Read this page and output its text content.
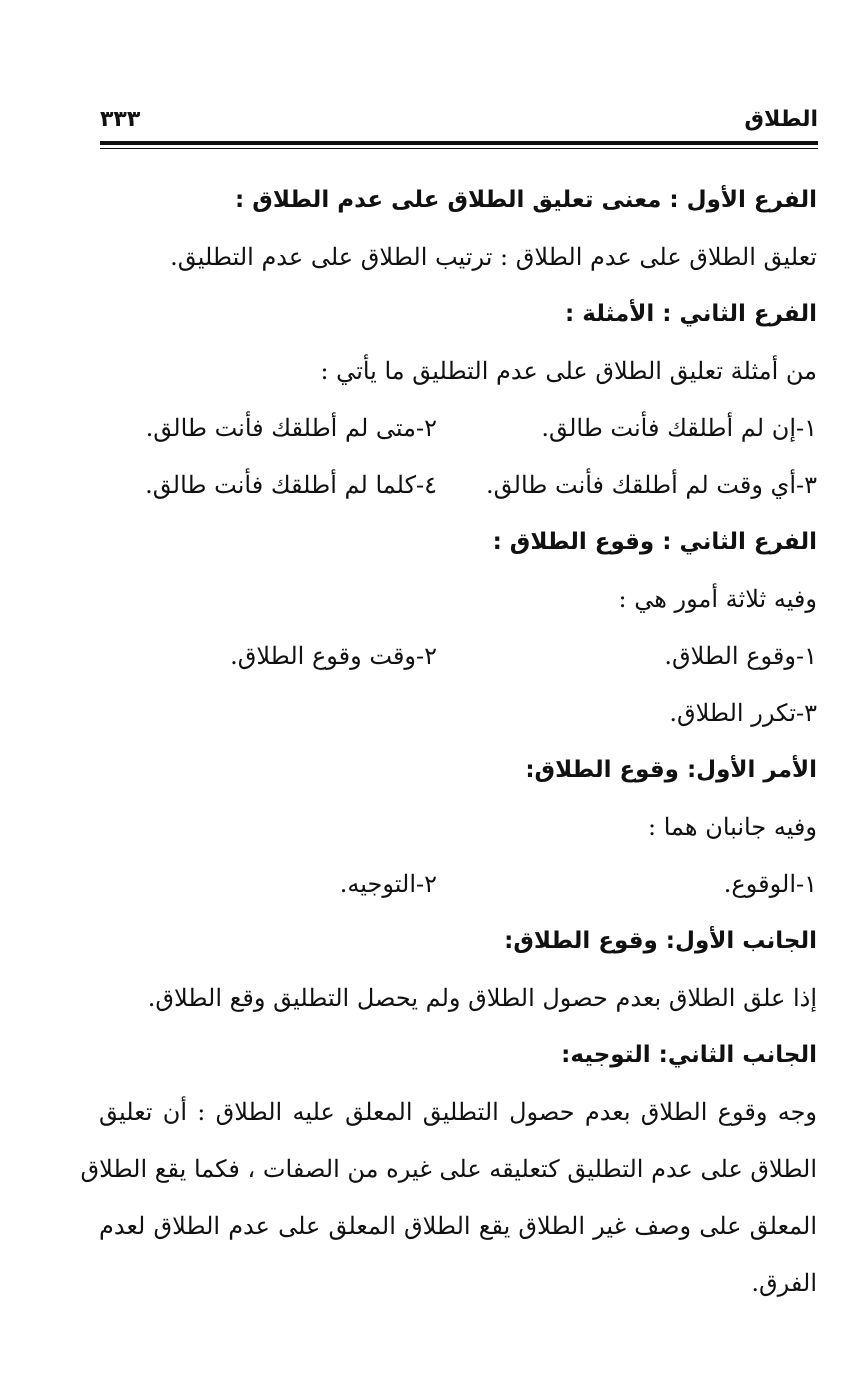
الطلاق
٣٣٣
الفرع الأول : معنى تعليق الطلاق على عدم الطلاق :
تعليق الطلاق على عدم الطلاق : ترتيب الطلاق على عدم التطليق.
الفرع الثاني : الأمثلة :
من أمثلة تعليق الطلاق على عدم التطليق ما يأتي :
١-إن لم أطلقك فأنت طالق.
٢-متى لم أطلقك فأنت طالق.
٣-أي وقت لم أطلقك فأنت طالق.
٤-كلما لم أطلقك فأنت طالق.
الفرع الثاني : وقوع الطلاق :
وفيه ثلاثة أمور هي :
١-وقوع الطلاق.
٢-وقت وقوع الطلاق.
٣-تكرر الطلاق.
الأمر الأول: وقوع الطلاق:
وفيه جانبان هما :
١-الوقوع.
٢-التوجيه.
الجانب الأول: وقوع الطلاق:
إذا علق الطلاق بعدم حصول الطلاق ولم يحصل التطليق وقع الطلاق.
الجانب الثاني: التوجيه:
وجه وقوع الطلاق بعدم حصول التطليق المعلق عليه الطلاق : أن تعليق
الطلاق على عدم التطليق كتعليقه على غيره من الصفات ، فكما يقع الطلاق
المعلق على وصف غير الطلاق يقع الطلاق المعلق على عدم الطلاق لعدم
الفرق.
